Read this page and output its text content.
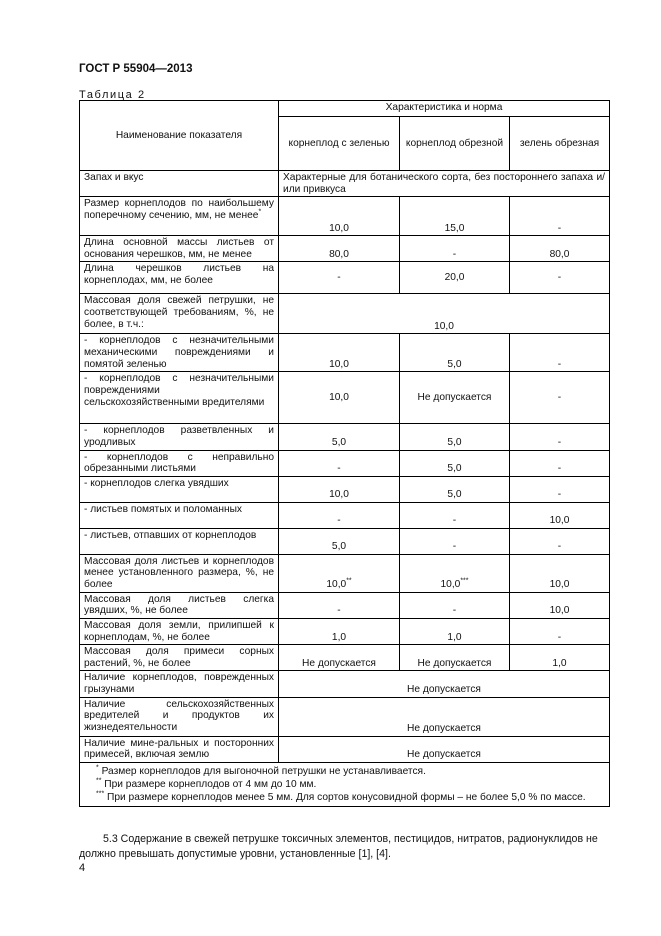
ГОСТ Р 55904—2013
Таблица 2
Наименование показателя	Характеристика и норма		
	корнеплод с зеленью	корнеплод обрезной	зелень обрезная
Запах и вкус	Характерные для ботанического сорта, без постороннего запаха и/или привкуса		
Размер корнеплодов по наибольшему поперечному сечению, мм, не менее*	10,0	15,0	-
Длина основной массы листьев от основания черешков, мм, не менее	80,0	-	80,0
Длина черешков листьев на корнеплодах, мм, не более	-	20,0	-
Массовая доля свежей петрушки, не соответствующей требованиям, %, не более, в т.ч.:	10,0		
- корнеплодов с незначительными механическими повреждениями и помятой зеленью	10,0	5,0	-
- корнеплодов с незначительными повреждениями сельскохозяйственными вредителями	10,0	Не допускается	-
- корнеплодов разветвленных и уродливых	5,0	5,0	-
- корнеплодов с неправильно обрезанными листьями	-	5,0	-
- корнеплодов слегка увядших	10,0	5,0	-
- листьев помятых и поломанных	-	-	10,0
- листьев, отпавших от корнеплодов	5,0	-	-
Массовая доля листьев и корнеплодов менее установленного размера, %, не более	10,0**	10,0***	10,0
Массовая доля листьев слегка увядших, %, не более	-	-	10,0
Массовая доля земли, прилипшей к корнеплодам, %, не более	1,0	1,0	-
Массовая доля примеси сорных растений, %, не более	Не допускается	Не допускается	1,0
Наличие корнеплодов, поврежденных грызунами	Не допускается		
Наличие сельскохозяйственных вредителей и продуктов их жизнедеятельности	Не допускается		
Наличие мине-ральных и посторонних примесей, включая землю	Не допускается		

* Размер корнеплодов для выгоночной петрушки не устанавливается.
** При размере корнеплодов от 4 мм до 10 мм.
*** При размере корнеплодов менее 5 мм. Для сортов конусовидной формы – не более 5,0 % по массе.			
5.3 Содержание в свежей петрушке токсичных элементов, пестицидов, нитратов, радионуклидов не должно превышать допустимые уровни, установленные [1], [4].
4
